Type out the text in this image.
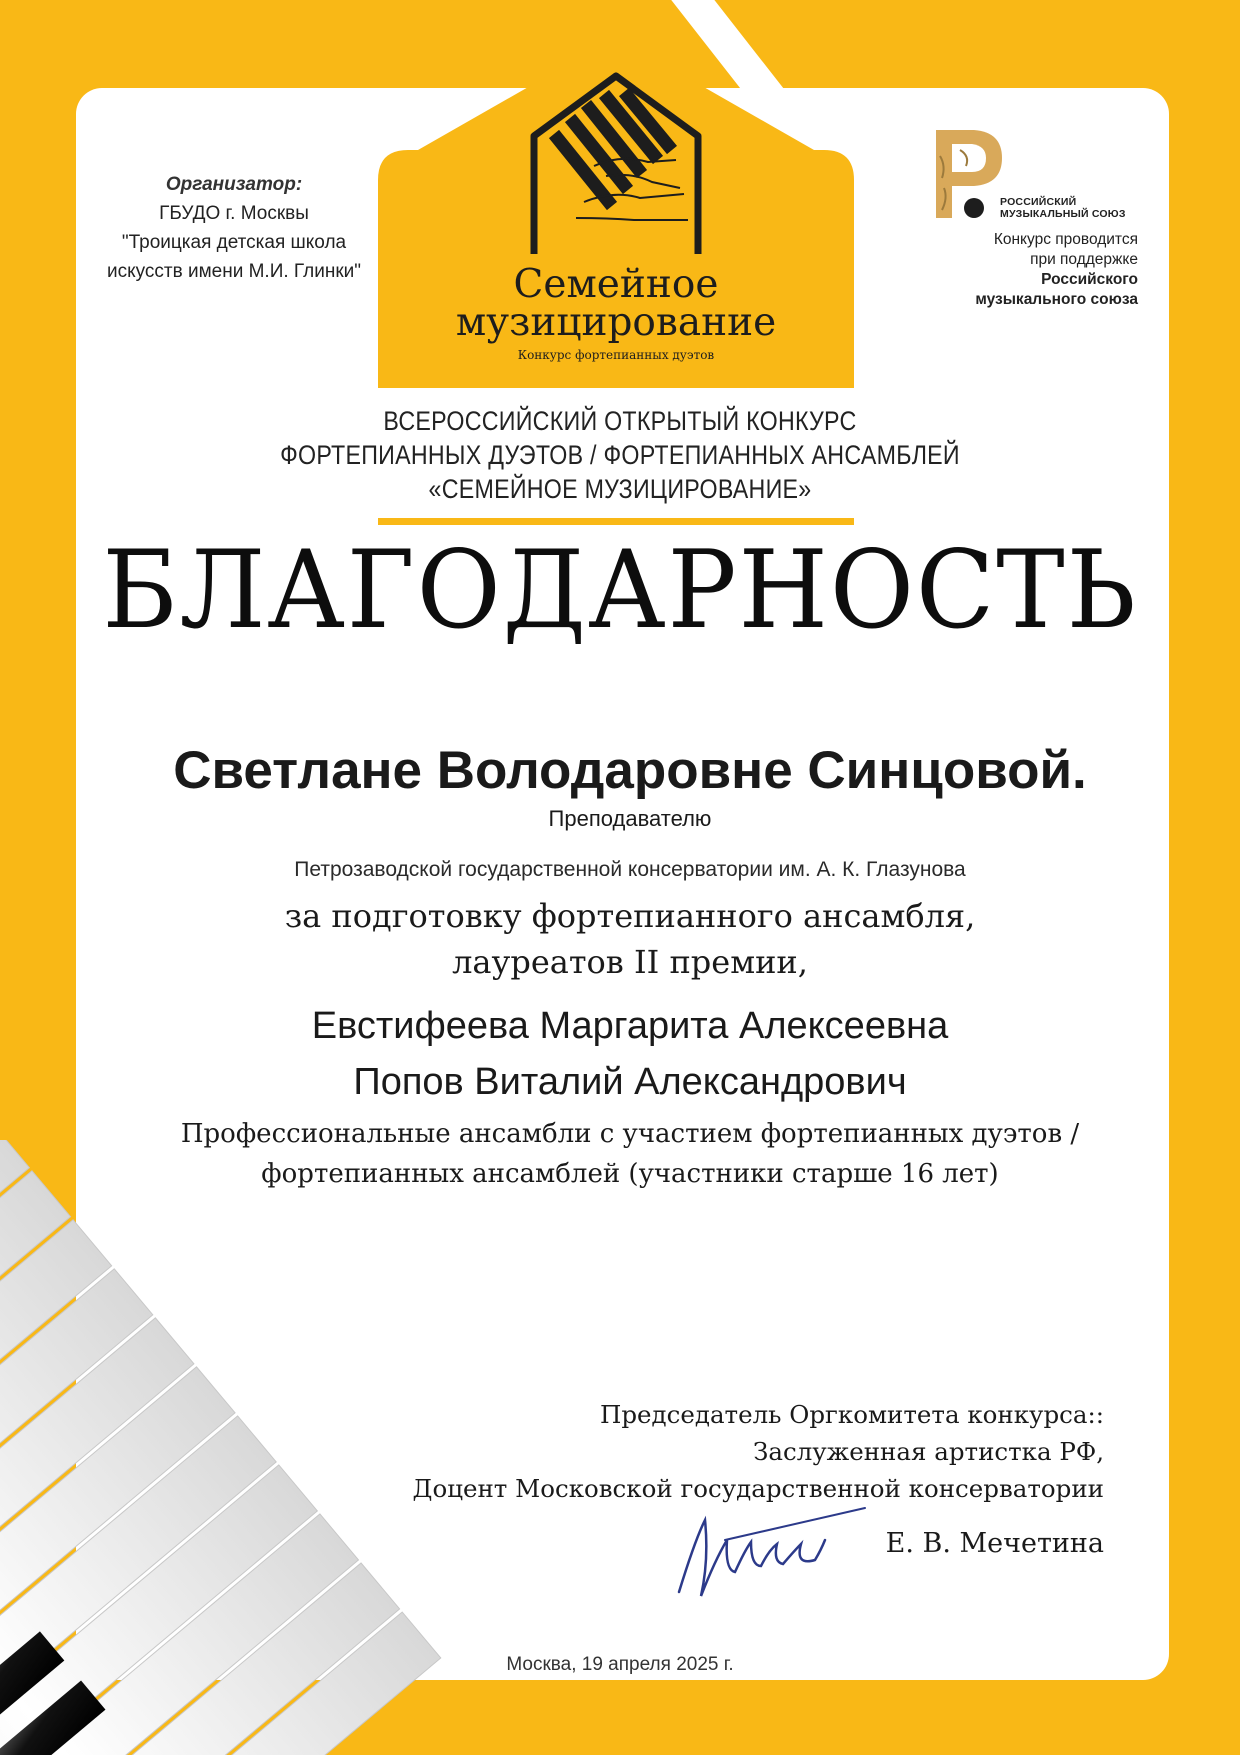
Семейное
музицирование
Конкурс фортепианных дуэтов
Организатор:
ГБУДО г. Москвы
"Троицкая детская школа
искусств имени М.И. Глинки"
РОССИЙСКИЙ МУЗЫКАЛЬНЫЙ СОЮЗ
Конкурс проводится
при поддержке
Российского
музыкального союза
ВСЕРОССИЙСКИЙ ОТКРЫТЫЙ КОНКУРС
ФОРТЕПИАННЫХ ДУЭТОВ / ФОРТЕПИАННЫХ АНСАМБЛЕЙ
«СЕМЕЙНОЕ МУЗИЦИРОВАНИЕ»
БЛАГОДАРНОСТЬ
Светлане Володаровне Синцовой.
Преподавателю
Петрозаводской государственной консерватории им. А. К. Глазунова
за подготовку фортепианного ансамбля,
лауреатов II премии,
Евстифеева Маргарита Алексеевна
Попов Виталий Александрович
Профессиональные ансамбли с участием фортепианных дуэтов /
фортепианных ансамблей (участники старше 16 лет)
Председатель Оргкомитета конкурса::
Заслуженная артистка РФ,
Доцент Московской государственной консерватории
Е. В. Мечетина
Москва, 19 апреля 2025 г.
